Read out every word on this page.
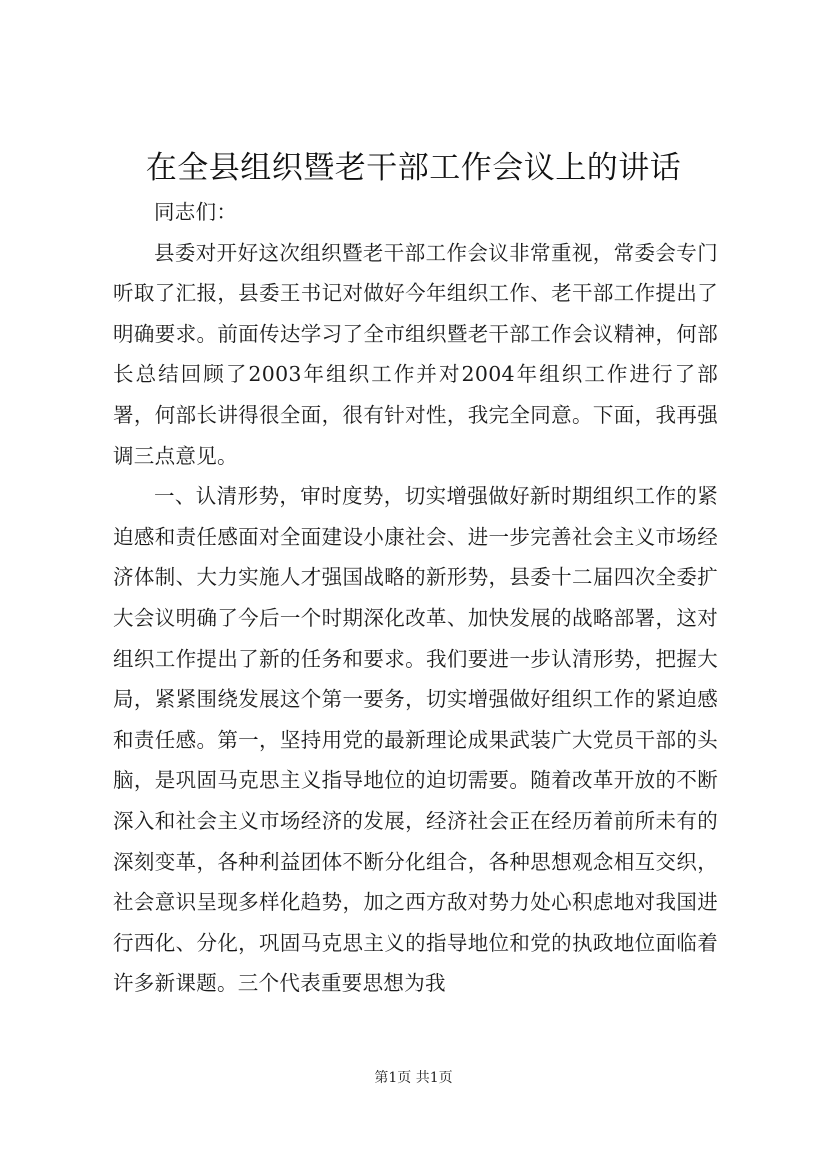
在全县组织暨老干部工作会议上的讲话

同志们：

县委对开好这次组织暨老干部工作会议非常重视，常委会专门听取了汇报，县委王书记对做好今年组织工作、老干部工作提出了明确要求。前面传达学习了全市组织暨老干部工作会议精神，何部长总结回顾了2003年组织工作并对2004年组织工作进行了部署，何部长讲得很全面，很有针对性，我完全同意。下面，我再强调三点意见。

一、认清形势，审时度势，切实增强做好新时期组织工作的紧迫感和责任感面对全面建设小康社会、进一步完善社会主义市场经济体制、大力实施人才强国战略的新形势，县委十二届四次全委扩大会议明确了今后一个时期深化改革、加快发展的战略部署，这对组织工作提出了新的任务和要求。我们要进一步认清形势，把握大局，紧紧围绕发展这个第一要务，切实增强做好组织工作的紧迫感和责任感。第一，坚持用党的最新理论成果武装广大党员干部的头脑，是巩固马克思主义指导地位的迫切需要。随着改革开放的不断深入和社会主义市场经济的发展，经济社会正在经历着前所未有的深刻变革，各种利益团体不断分化组合，各种思想观念相互交织，社会意识呈现多样化趋势，加之西方敌对势力处心积虑地对我国进行西化、分化，巩固马克思主义的指导地位和党的执政地位面临着许多新课题。三个代表重要思想为我

第1页 共1页
